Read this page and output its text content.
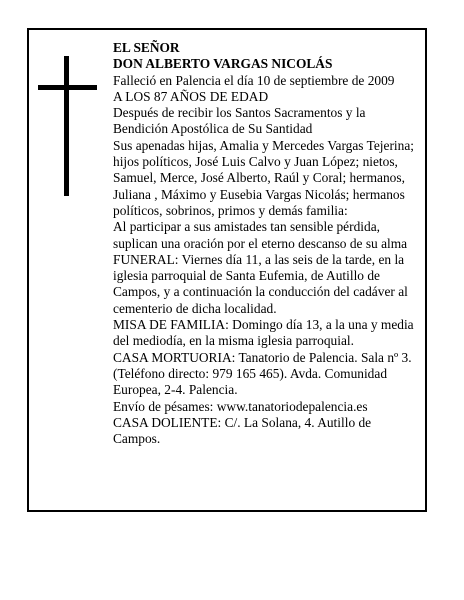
EL SEÑOR

DON ALBERTO VARGAS NICOLÁS

Falleció en Palencia el día 10 de septiembre de 2009

A LOS 87 AÑOS DE EDAD

Después de recibir los Santos Sacramentos y la Bendición Apostólica de Su Santidad

Sus apenadas hijas, Amalia y Mercedes Vargas Tejerina; hijos políticos, José Luis Calvo y Juan López; nietos, Samuel, Merce, José Alberto, Raúl y Coral; hermanos, Juliana , Máximo y Eusebia Vargas Nicolás; hermanos políticos, sobrinos, primos y demás familia:

Al participar a sus amistades tan sensible pérdida, suplican una oración por el eterno descanso de su alma

FUNERAL: Viernes día 11, a las seis de la tarde, en la iglesia parroquial de Santa Eufemia, de Autillo de Campos, y a continuación la conducción del cadáver al cementerio de dicha localidad.

MISA DE FAMILIA: Domingo día 13, a la una y media del mediodía, en la misma iglesia parroquial.

CASA MORTUORIA: Tanatorio de Palencia. Sala nº 3. (Teléfono directo: 979 165 465). Avda. Comunidad Europea, 2-4. Palencia.

Envío de pésames: www.tanatoriodepalencia.es

CASA DOLIENTE: C/. La Solana, 4. Autillo de Campos.
